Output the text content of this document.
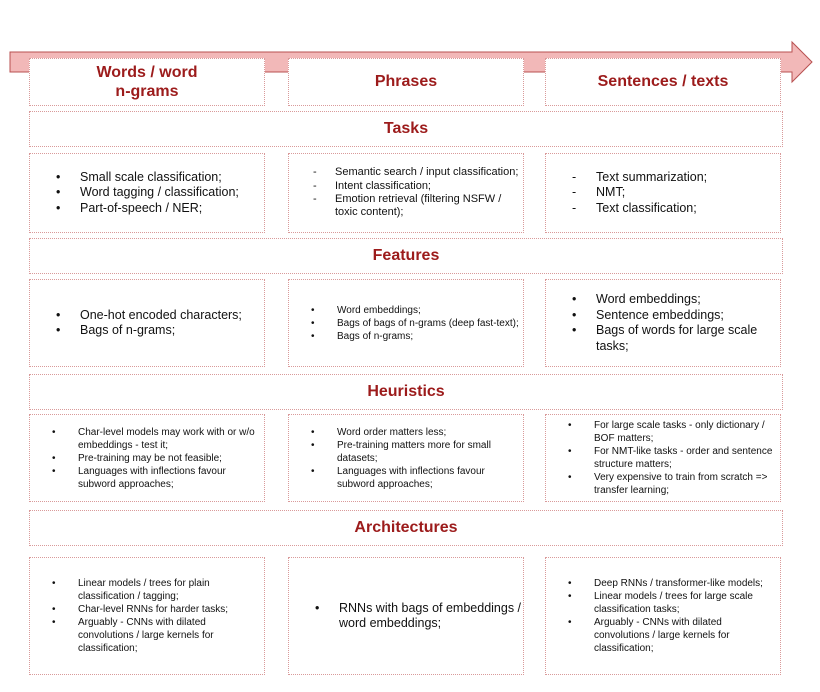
Words / word
n-grams
Phrases	Sentences / texts
Tasks
• Small scale classification;
• Word tagging / classification;
• Part-of-speech / NER;
- Semantic search / input classification;
- Intent classification;
- Emotion retrieval (filtering NSFW / toxic content);
- Text summarization;
- NMT;
- Text classification;
Features
• One-hot encoded characters;
• Bags of n-grams;
• Word embeddings;
• Bags of bags of n-grams (deep fast-text);
• Bags of n-grams;
• Word embeddings;
• Sentence embeddings;
• Bags of words for large scale tasks;
Heuristics
• Char-level models may work with or w/o embeddings - test it;
• Pre-training may be not feasible;
• Languages with inflections favour subword approaches;
• Word order matters less;
• Pre-training matters more for small datasets;
• Languages with inflections favour subword approaches;
• For large scale tasks - only dictionary / BOF matters;
• For NMT-like tasks - order and sentence structure matters;
• Very expensive to train from scratch => transfer learning;
Architectures
• Linear models / trees for plain classification / tagging;
• Char-level RNNs for harder tasks;
• Arguably - CNNs with dilated convolutions / large kernels for classification;
• RNNs with bags of embeddings / word embeddings;
• Deep RNNs / transformer-like models;
• Linear models / trees for large scale classification tasks;
• Arguably - CNNs with dilated convolutions / large kernels for classification;
